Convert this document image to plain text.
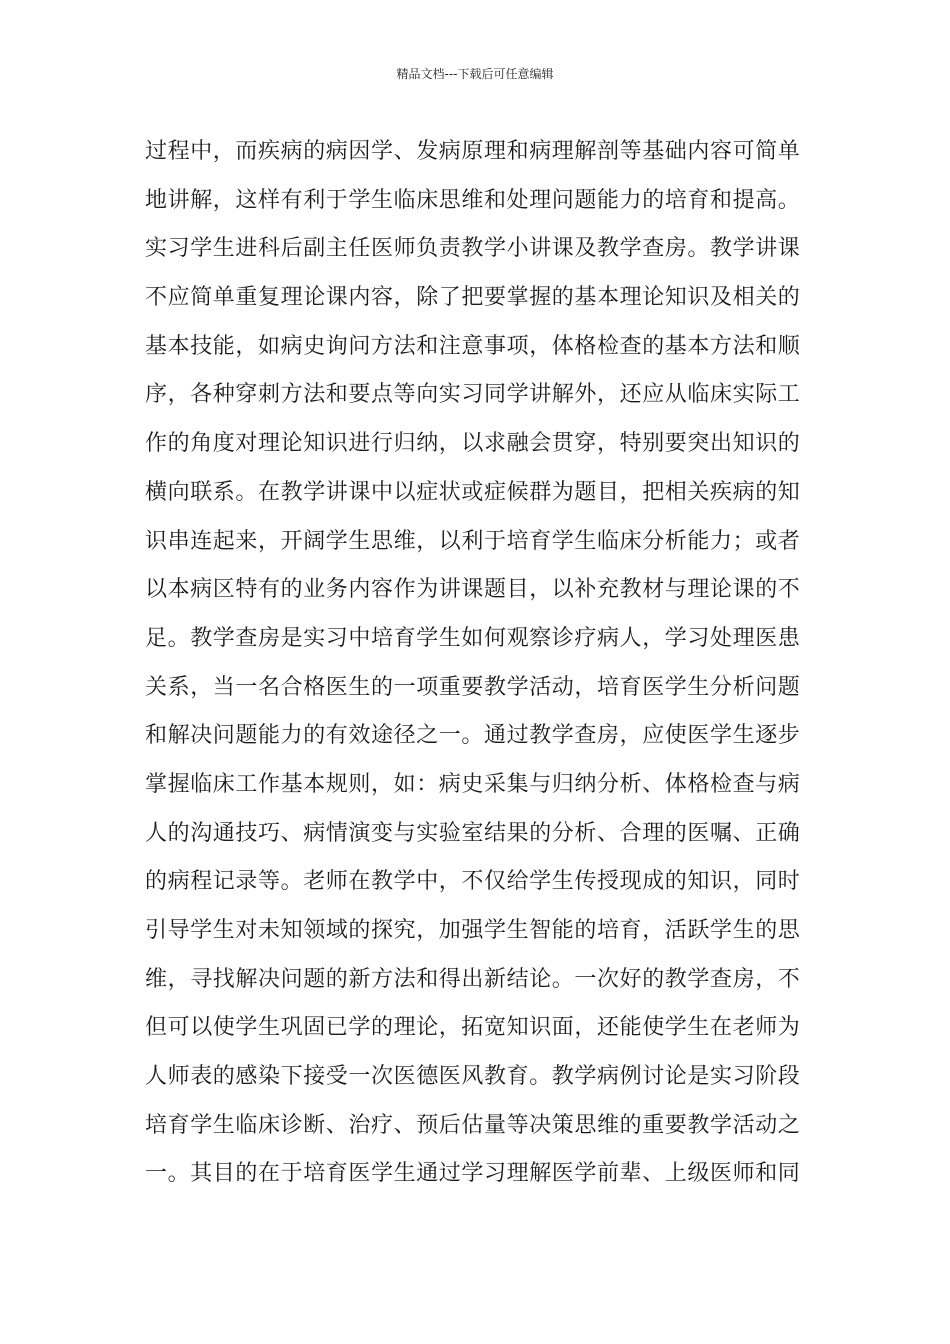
精品文档---下载后可任意编辑
过程中，而疾病的病因学、发病原理和病理解剖等基础内容可简单
地讲解，这样有利于学生临床思维和处理问题能力的培育和提高。
实习学生进科后副主任医师负责教学小讲课及教学查房。教学讲课
不应简单重复理论课内容，除了把要掌握的基本理论知识及相关的
基本技能，如病史询问方法和注意事项，体格检查的基本方法和顺
序，各种穿刺方法和要点等向实习同学讲解外，还应从临床实际工
作的角度对理论知识进行归纳，以求融会贯穿，特别要突出知识的
横向联系。在教学讲课中以症状或症候群为题目，把相关疾病的知
识串连起来，开阔学生思维，以利于培育学生临床分析能力；或者
以本病区特有的业务内容作为讲课题目，以补充教材与理论课的不
足。教学查房是实习中培育学生如何观察诊疗病人，学习处理医患
关系，当一名合格医生的一项重要教学活动，培育医学生分析问题
和解决问题能力的有效途径之一。通过教学查房，应使医学生逐步
掌握临床工作基本规则，如：病史采集与归纳分析、体格检查与病
人的沟通技巧、病情演变与实验室结果的分析、合理的医嘱、正确
的病程记录等。老师在教学中，不仅给学生传授现成的知识，同时
引导学生对未知领域的探究，加强学生智能的培育，活跃学生的思
维，寻找解决问题的新方法和得出新结论。一次好的教学查房，不
但可以使学生巩固已学的理论，拓宽知识面，还能使学生在老师为
人师表的感染下接受一次医德医风教育。教学病例讨论是实习阶段
培育学生临床诊断、治疗、预后估量等决策思维的重要教学活动之
一。其目的在于培育医学生通过学习理解医学前辈、上级医师和同
